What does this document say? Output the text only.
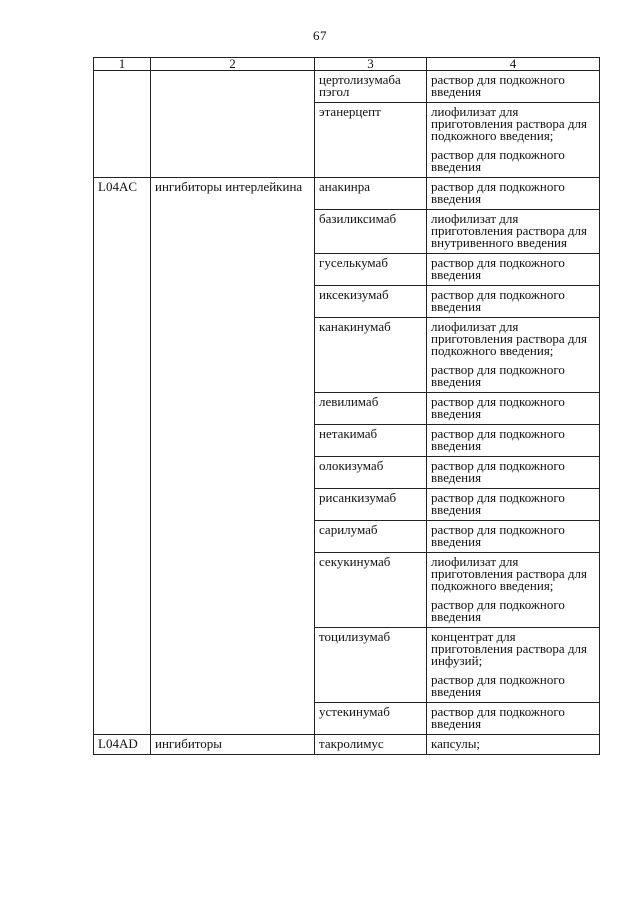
67
1	2	3	4
		цертолизумаба пэгол	раствор для подкожного введения

		этанерцепт	лиофилизат для приготовления раствора для подкожного введения;
раствор для подкожного введения

L04AC	ингибиторы интерлейкина	анакинра	раствор для подкожного введения

		базиликсимаб	лиофилизат для приготовления раствора для внутривенного введения

		гуселькумаб	раствор для подкожного введения

		иксекизумаб	раствор для подкожного введения

		канакинумаб	лиофилизат для приготовления раствора для подкожного введения;
раствор для подкожного введения

		левилимаб	раствор для подкожного введения

		нетакимаб	раствор для подкожного введения

		олокизумаб	раствор для подкожного введения

		рисанкизумаб	раствор для подкожного введения

		сарилумаб	раствор для подкожного введения

		секукинумаб	лиофилизат для приготовления раствора для подкожного введения;
раствор для подкожного введения

		тоцилизумаб	концентрат для приготовления раствора для инфузий;
раствор для подкожного введения

		устекинумаб	раствор для подкожного введения

L04AD	ингибиторы	такролимус	капсулы;
